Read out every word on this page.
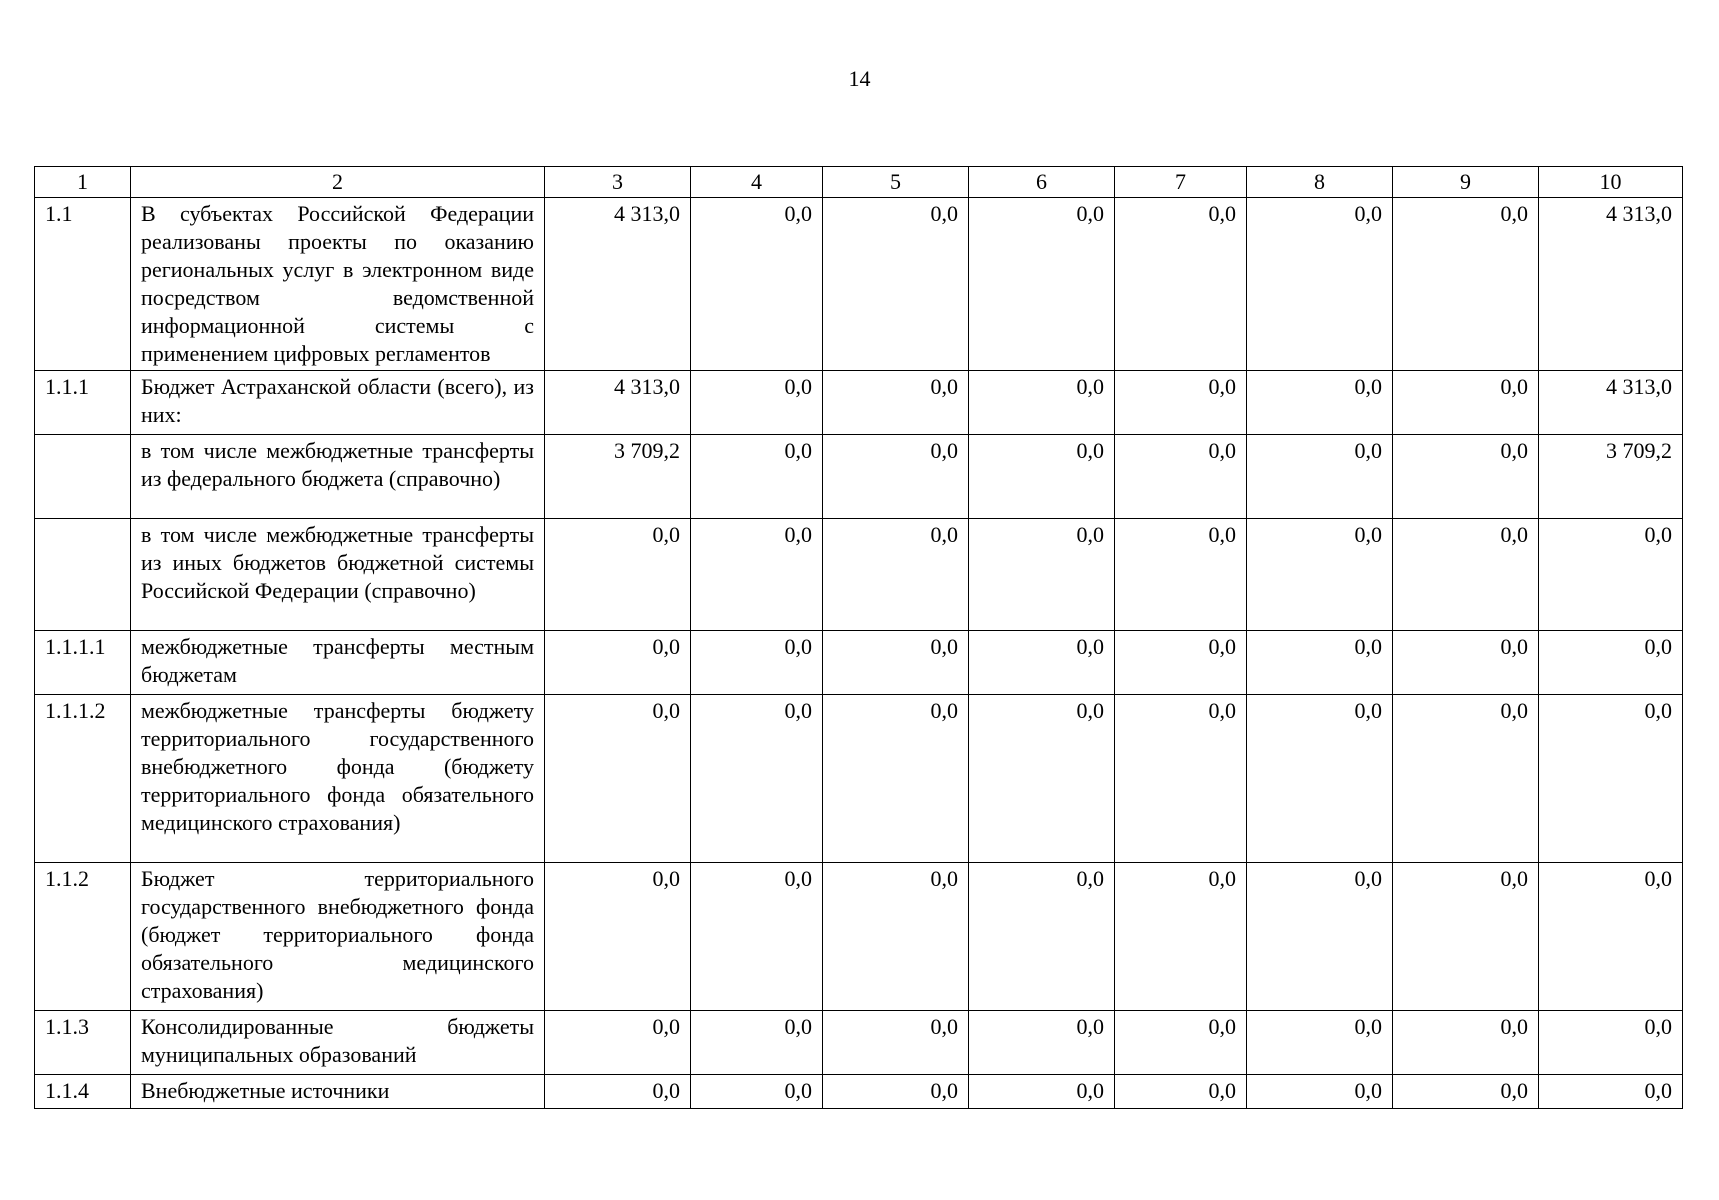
14
1	2	3	4	5	6	7	8	9	10
1.1	В субъектах Российской Федерации реализованы проекты по оказанию региональных услуг в электронном виде посредством ведомственной информационной системы с применением цифровых регламентов	4 313,0	0,0	0,0	0,0	0,0	0,0	0,0	4 313,0
1.1.1	Бюджет Астраханской области (всего), из них:	4 313,0	0,0	0,0	0,0	0,0	0,0	0,0	4 313,0
	в том числе межбюджетные трансферты из федерального бюджета (справочно)	3 709,2	0,0	0,0	0,0	0,0	0,0	0,0	3 709,2
	в том числе межбюджетные трансферты из иных бюджетов бюджетной системы Российской Федерации (справочно)	0,0	0,0	0,0	0,0	0,0	0,0	0,0	0,0
1.1.1.1	межбюджетные трансферты местным бюджетам	0,0	0,0	0,0	0,0	0,0	0,0	0,0	0,0
1.1.1.2	межбюджетные трансферты бюджету территориального государственного внебюджетного фонда (бюджету территориального фонда обязательного медицинского страхования)	0,0	0,0	0,0	0,0	0,0	0,0	0,0	0,0
1.1.2	Бюджет территориального государственного внебюджетного фонда (бюджет территориального фонда обязательного медицинского страхования)	0,0	0,0	0,0	0,0	0,0	0,0	0,0	0,0
1.1.3	Консолидированные бюджеты муниципальных образований	0,0	0,0	0,0	0,0	0,0	0,0	0,0	0,0
1.1.4	Внебюджетные источники	0,0	0,0	0,0	0,0	0,0	0,0	0,0	0,0
